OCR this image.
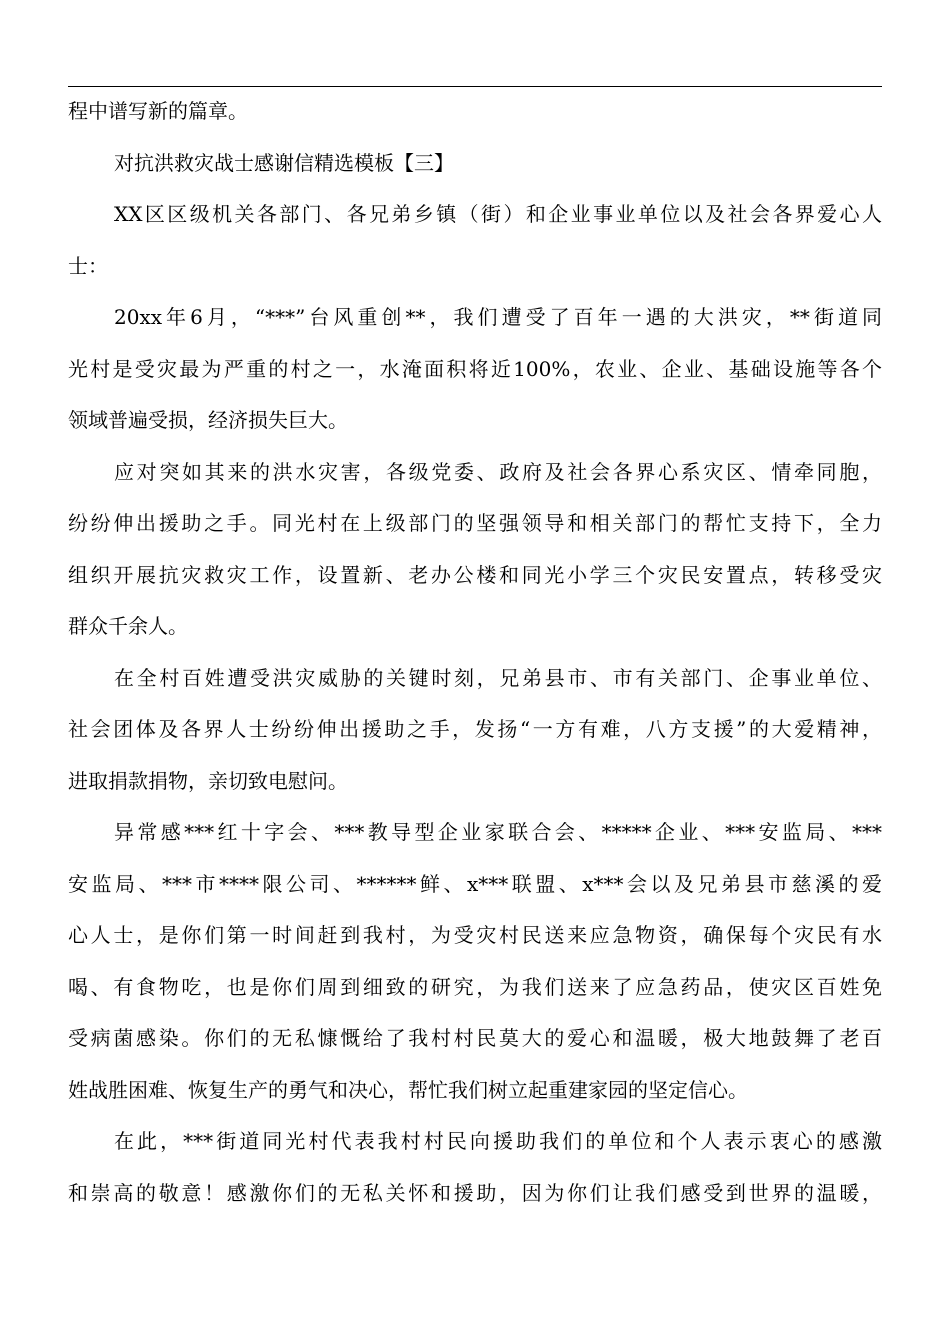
程中谱写新的篇章。
对抗洪救灾战士感谢信精选模板【三】
XX区区级机关各部门、各兄弟乡镇（街）和企业事业单位以及社会各界爱心人
士：
20xx年6月，“***”台风重创**，我们遭受了百年一遇的大洪灾，**街道同
光村是受灾最为严重的村之一，水淹面积将近100%，农业、企业、基础设施等各个
领域普遍受损，经济损失巨大。
应对突如其来的洪水灾害，各级党委、政府及社会各界心系灾区、情牵同胞，
纷纷伸出援助之手。同光村在上级部门的坚强领导和相关部门的帮忙支持下，全力
组织开展抗灾救灾工作，设置新、老办公楼和同光小学三个灾民安置点，转移受灾
群众千余人。
在全村百姓遭受洪灾威胁的关键时刻，兄弟县市、市有关部门、企事业单位、
社会团体及各界人士纷纷伸出援助之手，发扬“一方有难，八方支援”的大爱精神，
进取捐款捐物，亲切致电慰问。
异常感***红十字会、***教导型企业家联合会、*****企业、***安监局、***
安监局、***市****限公司、******鲜、x***联盟、x***会以及兄弟县市慈溪的爱
心人士，是你们第一时间赶到我村，为受灾村民送来应急物资，确保每个灾民有水
喝、有食物吃，也是你们周到细致的研究，为我们送来了应急药品，使灾区百姓免
受病菌感染。你们的无私慷慨给了我村村民莫大的爱心和温暖，极大地鼓舞了老百
姓战胜困难、恢复生产的勇气和决心，帮忙我们树立起重建家园的坚定信心。
在此，***街道同光村代表我村村民向援助我们的单位和个人表示衷心的感激
和崇高的敬意！感激你们的无私关怀和援助，因为你们让我们感受到世界的温暖，
